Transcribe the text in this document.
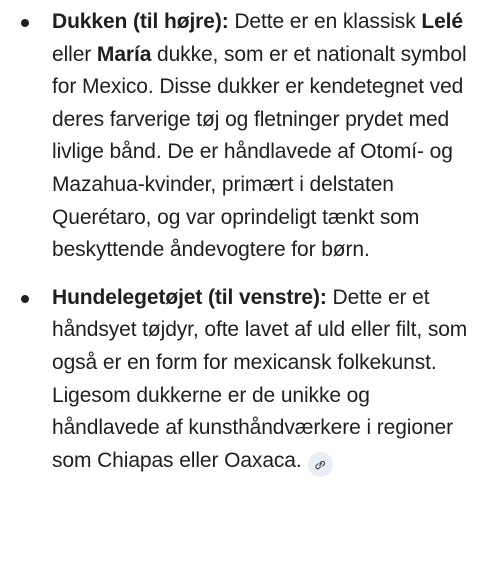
Dukken (til højre): Dette er en klassisk Lelé eller María dukke, som er et nationalt symbol for Mexico. Disse dukker er kendetegnet ved deres farverige tøj og fletninger prydet med livlige bånd. De er håndlavede af Otomí- og Mazahua-kvinder, primært i delstaten Querétaro, og var oprindeligt tænkt som beskyttende åndevogtere for børn.
Hundelegetøjet (til venstre): Dette er et håndsyet tøjdyr, ofte lavet af uld eller filt, som også er en form for mexicansk folkekunst. Ligesom dukkerne er de unikke og håndlavede af kunsthåndværkere i regioner som Chiapas eller Oaxaca.
